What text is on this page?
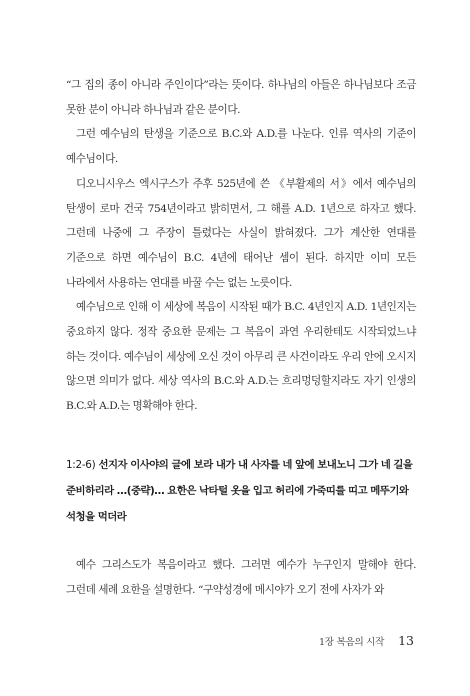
“그 집의 종이 아니라 주인이다”라는 뜻이다. 하나님의 아들은 하나님보다 조금 못한 분이 아니라 하나님과 같은 분이다.

그런 예수님의 탄생을 기준으로 B.C.와 A.D.를 나눈다. 인류 역사의 기준이 예수님이다.

디오니시우스 엑시구스가 주후 525년에 쓴 《부활제의 서》에서 예수님의 탄생이 로마 건국 754년이라고 밝히면서, 그 해를 A.D. 1년으로 하자고 했다. 그런데 나중에 그 주장이 틀렸다는 사실이 밝혀졌다. 그가 계산한 연대를 기준으로 하면 예수님이 B.C. 4년에 태어난 셈이 된다. 하지만 이미 모든 나라에서 사용하는 연대를 바꿀 수는 없는 노릇이다.

예수님으로 인해 이 세상에 복음이 시작된 때가 B.C. 4년인지 A.D. 1년인지는 중요하지 않다. 정작 중요한 문제는 그 복음이 과연 우리한테도 시작되었느냐 하는 것이다. 예수님이 세상에 오신 것이 아무리 큰 사건이라도 우리 안에 오시지 않으면 의미가 없다. 세상 역사의 B.C.와 A.D.는 흐리멍덩할지라도 자기 인생의 B.C.와 A.D.는 명확해야 한다.

1:2-6) 선지자 이사야의 글에 보라 내가 내 사자를 네 앞에 보내노니 그가 네 길을 준비하리라 …(중략)… 요한은 낙타털 옷을 입고 허리에 가죽띠를 띠고 메뚜기와 석청을 먹더라

예수 그리스도가 복음이라고 했다. 그러면 예수가 누구인지 말해야 한다. 그런데 세례 요한을 설명한다. “구약성경에 메시야가 오기 전에 사자가 와

1장 복음의 시작 13
